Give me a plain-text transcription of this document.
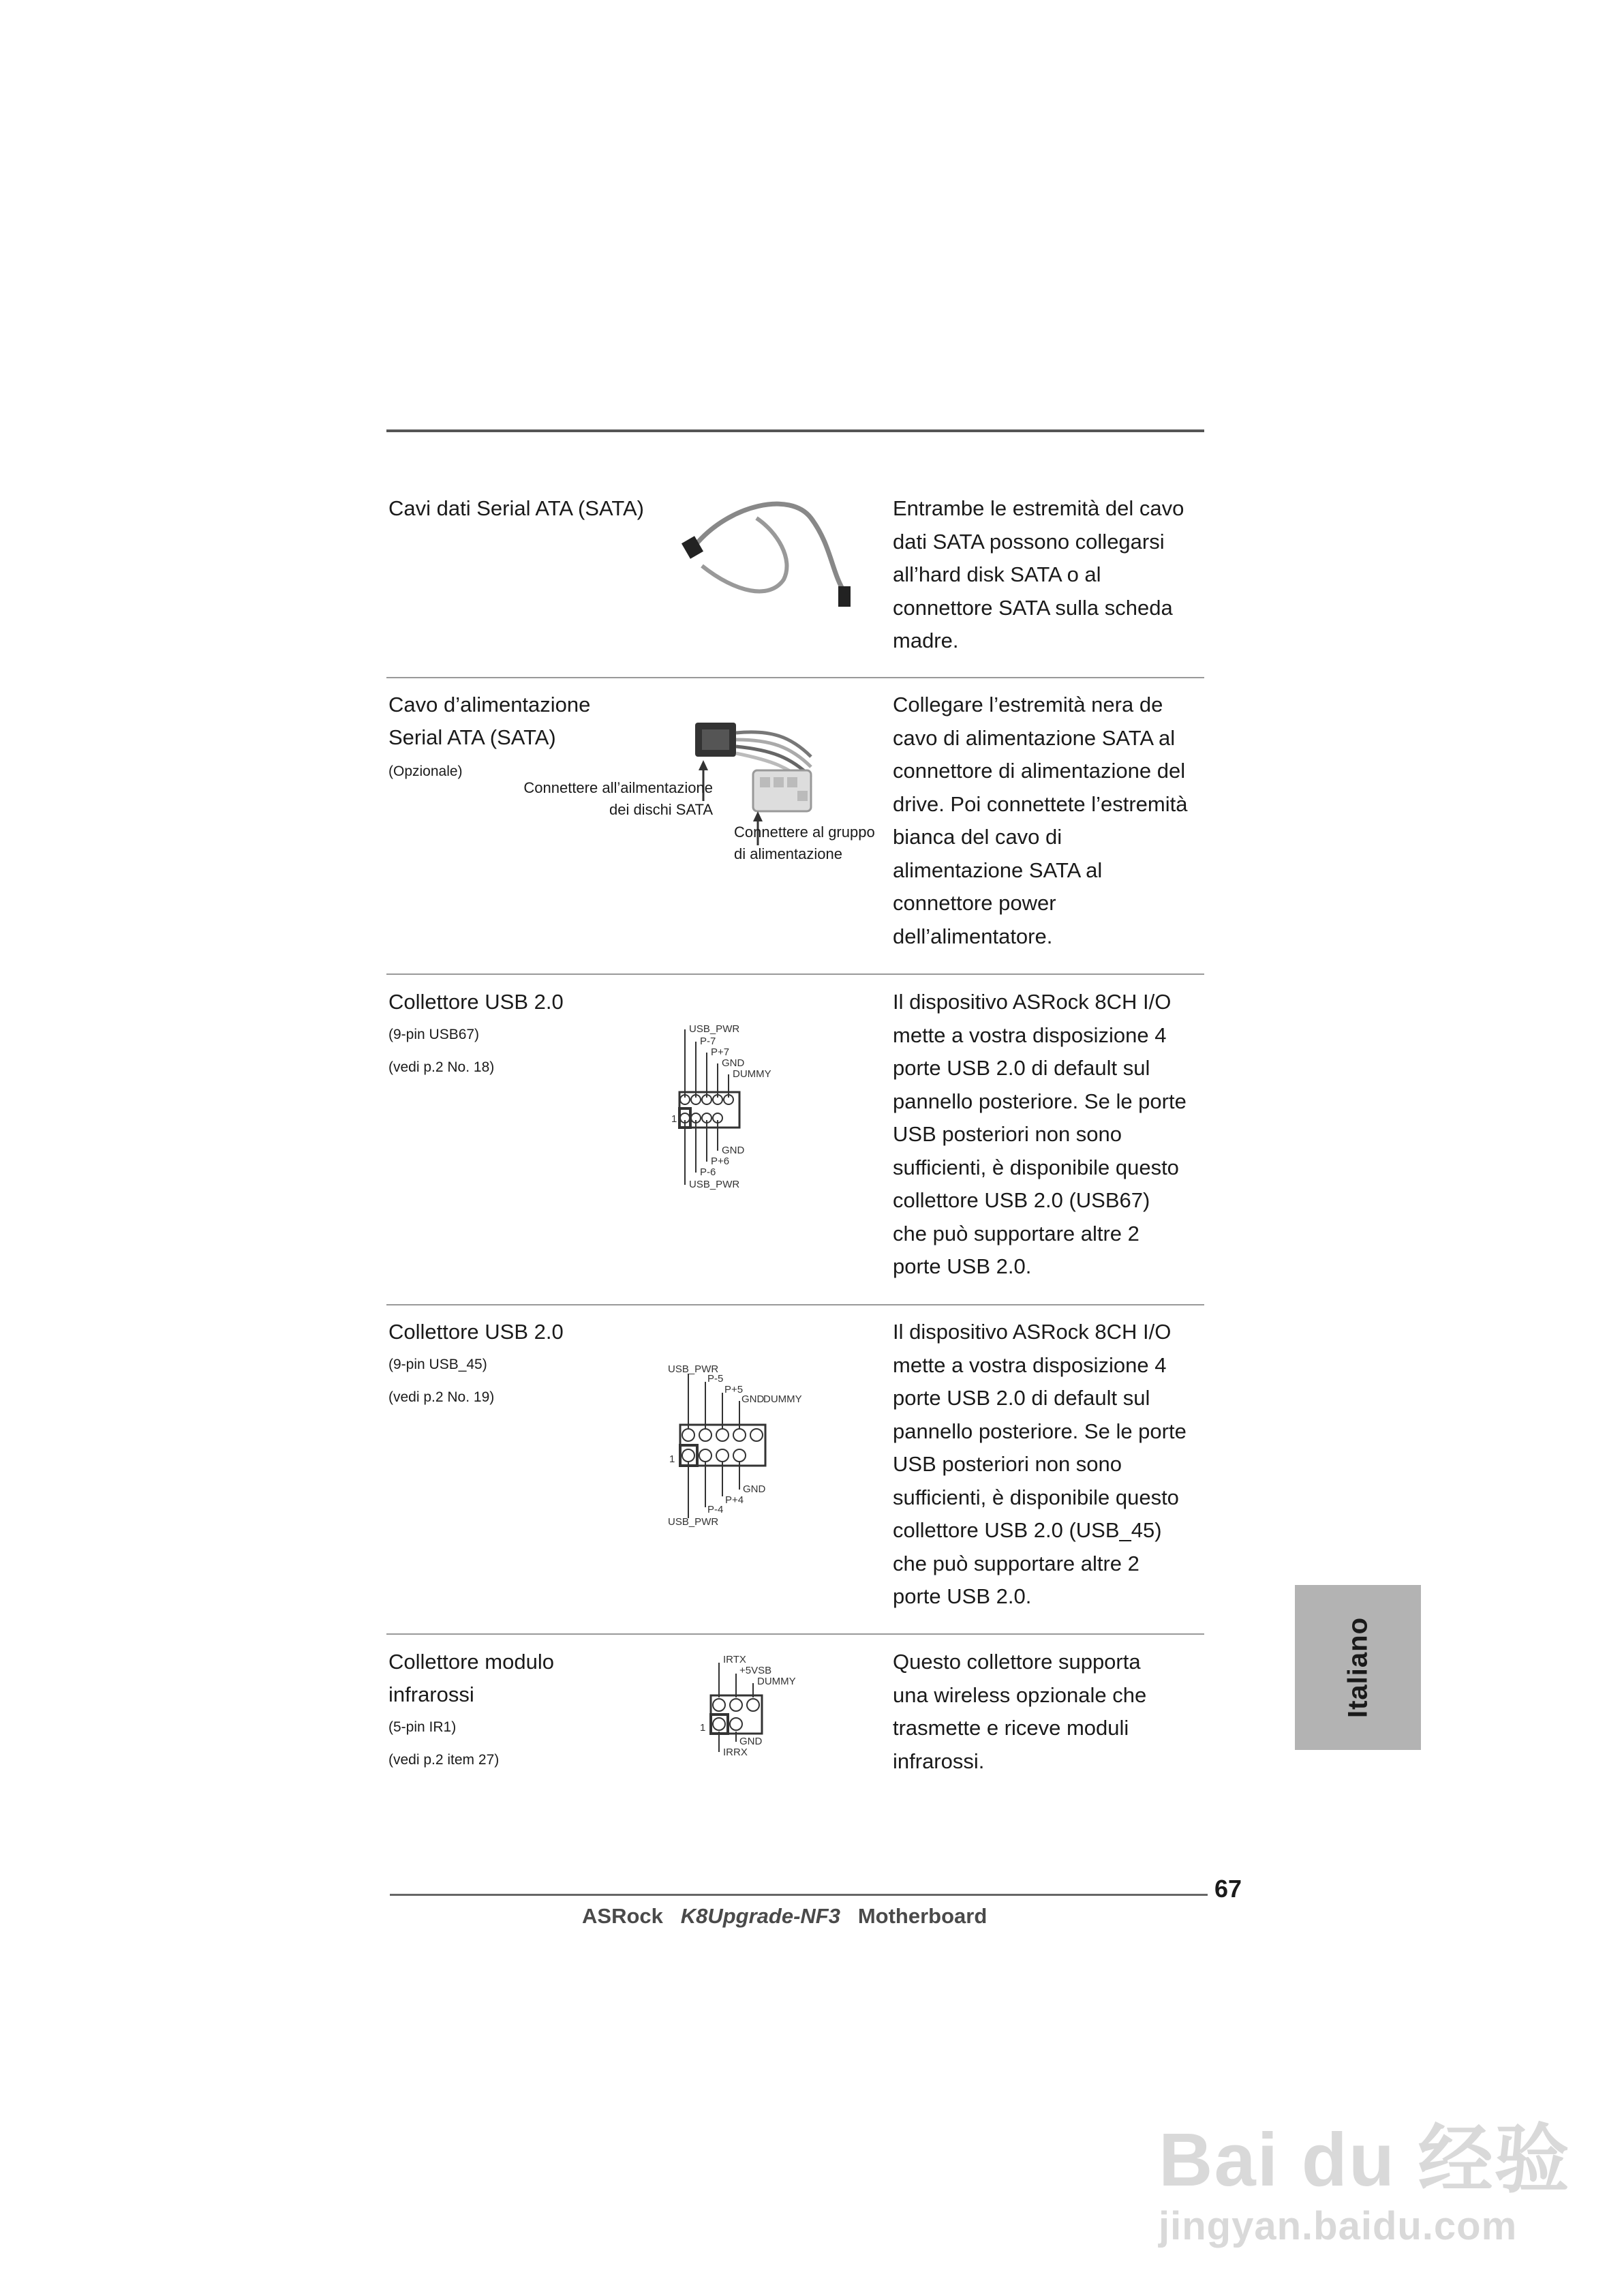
Cavi dati Serial ATA (SATA)	Entrambe le estremità del cavo
dati SATA possono collegarsi
all’hard disk SATA o al
connettore SATA sulla scheda
madre.
Cavo d’alimentazione
Serial ATA (SATA)
(Opzionale)
Connettere all’ailmentazione
dei dischi SATA
Connettere al gruppo
di alimentazione
Collegare l’estremità nera de
cavo di alimentazione SATA al
connettore di alimentazione del
drive. Poi connettete l’estremità
bianca del cavo di
alimentazione SATA al
connettore power
dell’alimentatore.
Collettore USB 2.0
(9-pin USB67)
(vedi p.2 No. 18)
USB_PWR
P-7
P+7
GND
DUMMY
1
GND
P+6
P-6
USB_PWR
Il dispositivo ASRock 8CH I/O
mette a vostra disposizione 4
porte USB 2.0 di default sul
pannello posteriore. Se le porte
USB posteriori non sono
sufficienti, è disponibile questo
collettore USB 2.0 (USB67)
che può supportare altre 2
porte USB 2.0.
Collettore USB 2.0
(9-pin USB_45)
(vedi p.2 No. 19)
USB_PWR
P-5
P+5
GND
DUMMY
1
GND
P+4
P-4
USB_PWR
Il dispositivo ASRock 8CH I/O
mette a vostra disposizione 4
porte USB 2.0 di default sul
pannello posteriore. Se le porte
USB posteriori non sono
sufficienti, è disponibile questo
collettore USB 2.0 (USB_45)
che può supportare altre 2
porte USB 2.0.
Collettore modulo
infrarossi
(5-pin IR1)
(vedi p.2 item 27)
IRTX
+5VSB
DUMMY
1
GND
IRRX
Questo collettore supporta
una wireless opzionale che
trasmette e riceve moduli
infrarossi.
Italiano
67
ASRock K8Upgrade-NF3 Motherboard
Bai du 经验
jingyan.baidu.com
